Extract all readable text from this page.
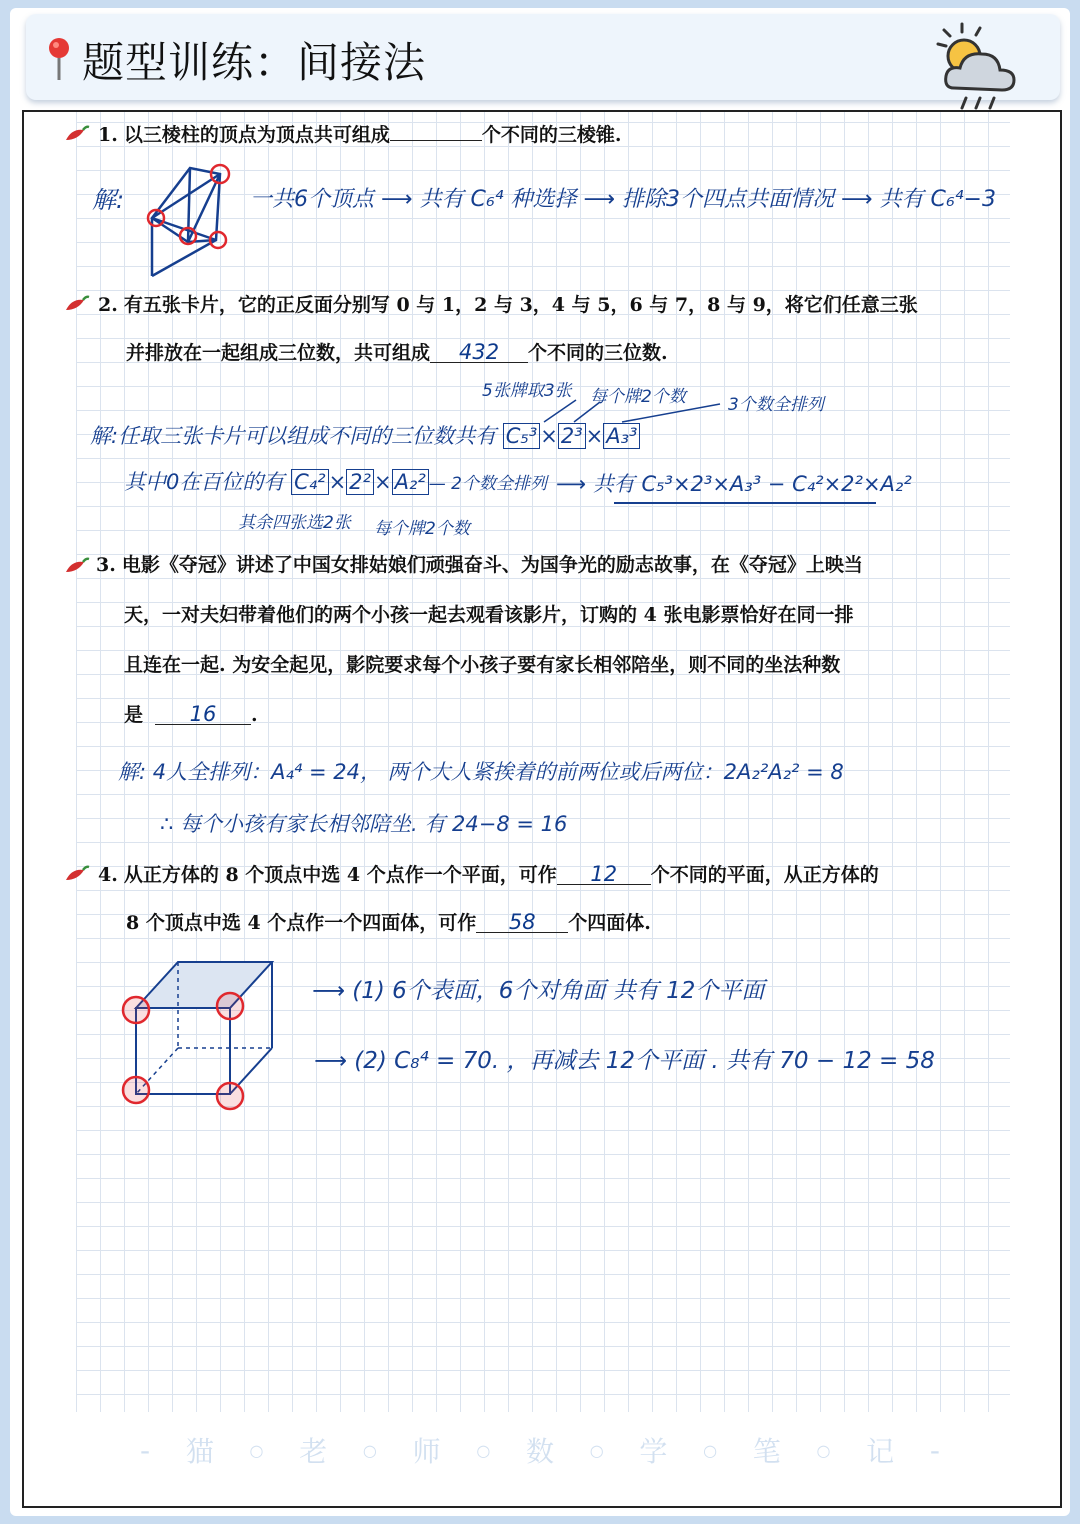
题型训练：间接法
1. 以三棱柱的顶点为顶点共可组成	个不同的三棱锥.
解:	一共6个顶点 ⟶ 共有 C₆⁴ 种选择 ⟶ 排除3个四点共面情况 ⟶ 共有 C₆⁴−3
2. 有五张卡片，它的正反面分别写 0 与 1，2 与 3，4 与 5，6 与 7，8 与 9，将它们任意三张
并排放在一起组成三位数，共可组成 432 个不同的三位数.
5张牌取3张 每个牌2个数 3个数全排列
解:任取三张卡片可以组成不同的三位数共有 C₅³ × 2³ × A₃³
其中0在百位的有 C₄² × 2² × A₂² — 2个数全排列 ⟶ 共有 C₅³×2³×A₃³ − C₄²×2²×A₂²
其余四张选2张 每个牌2个数
3. 电影《夺冠》讲述了中国女排姑娘们顽强奋斗、为国争光的励志故事，在《夺冠》上映当
天，一对夫妇带着他们的两个小孩一起去观看该影片，订购的 4 张电影票恰好在同一排
且连在一起. 为安全起见，影院要求每个小孩子要有家长相邻陪坐，则不同的坐法种数
是 16 .
解: 4人全排列：A₄⁴ = 24， 两个大人紧挨着的前两位或后两位：2A₂²A₂² = 8
∴ 每个小孩有家长相邻陪坐. 有 24−8 = 16
4. 从正方体的 8 个顶点中选 4 个点作一个平面，可作 12 个不同的平面，从正方体的
8 个顶点中选 4 个点作一个四面体，可作 58 个四面体.
⟶ (1) 6个表面，6个对角面 共有 12个平面
⟶ (2) C₈⁴ = 70. ，再减去 12个平面 . 共有 70 − 12 = 58
- 猫 ○ 老 ○ 师 ○ 数 ○ 学 ○ 笔 ○ 记 -
